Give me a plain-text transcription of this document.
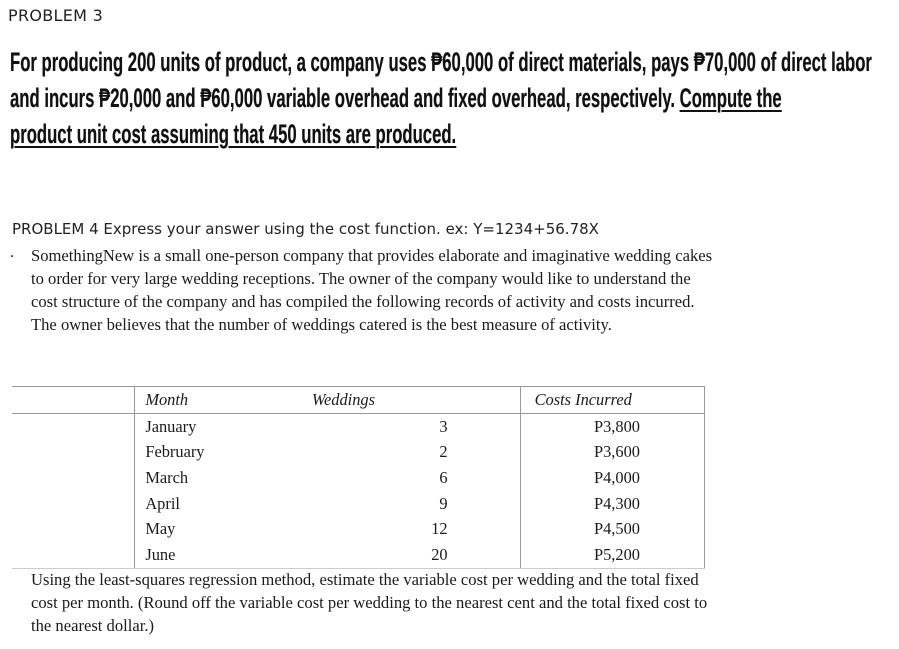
PROBLEM 3
For producing 200 units of product, a company uses ₱60,000 of direct materials, pays ₱70,000 of direct labor and incurs ₱20,000 and ₱60,000 variable overhead and fixed overhead, respectively. Compute the
product unit cost assuming that 450 units are produced.
PROBLEM 4 Express your answer using the cost function. ex: Y=1234+56.78X
. SomethingNew is a small one-person company that provides elaborate and imaginative wedding cakes to order for very large wedding receptions. The owner of the company would like to understand the cost structure of the company and has compiled the following records of activity and costs incurred. The owner believes that the number of weddings catered is the best measure of activity.
	Month	Weddings	Costs Incurred
	January	3	P3,800
	February	2	P3,600
	March	6	P4,000
	April	9	P4,300
	May	12	P4,500
	June	20	P5,200
Using the least-squares regression method, estimate the variable cost per wedding and the total fixed cost per month. (Round off the variable cost per wedding to the nearest cent and the total fixed cost to the nearest dollar.)
